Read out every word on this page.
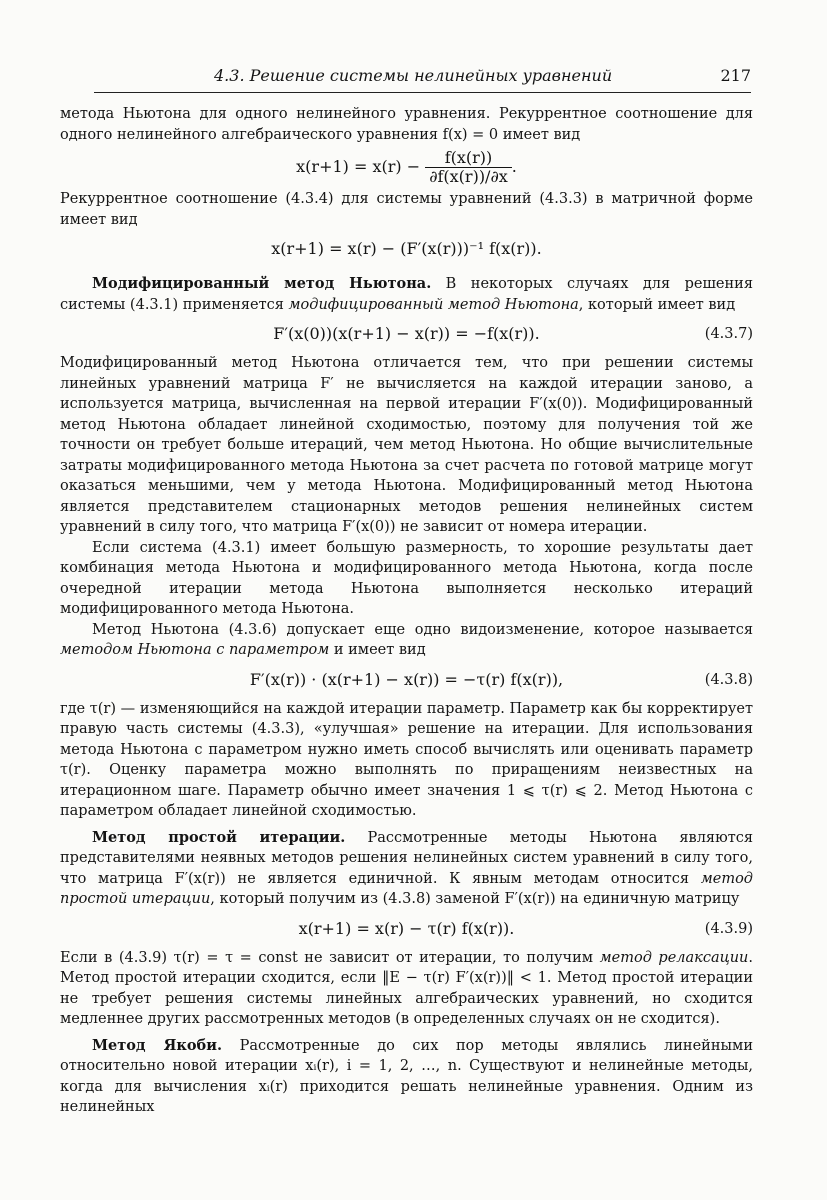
4.3. Решение системы нелинейных уравнений	217

метода Ньютона для одного нелинейного уравнения. Рекуррентное соотношение для одного нелинейного алгебраического уравнения f(x) = 0 имеет вид

$x(r+1) = x(r) - \frac{f(x(r))}{\partial f(x(r))/\partial x}$ .

Рекуррентное соотношение (4.3.4) для системы уравнений (4.3.3) в матричной форме имеет вид

x(r+1) = x(r) − (F′(x(r)))⁻¹ f(x(r)).

Модифицированный метод Ньютона. В некоторых случаях для решения системы (4.3.1) применяется модифицированный метод Ньютона, который имеет вид

F′(x(0))(x(r+1) − x(r)) = −f(x(r)).	(4.3.7)

Модифицированный метод Ньютона отличается тем, что при решении системы линейных уравнений матрица F′ не вычисляется на каждой итерации заново, а используется матрица, вычисленная на первой итерации F′(x(0)). Модифицированный метод Ньютона обладает линейной сходимостью, поэтому для получения той же точности он требует больше итераций, чем метод Ньютона. Но общие вычислительные затраты модифицированного метода Ньютона за счет расчета по готовой матрице могут оказаться меньшими, чем у метода Ньютона. Модифицированный метод Ньютона является представителем стационарных методов решения нелинейных систем уравнений в силу того, что матрица F′(x(0)) не зависит от номера итерации.

Если система (4.3.1) имеет большую размерность, то хорошие результаты дает комбинация метода Ньютона и модифицированного метода Ньютона, когда после очередной итерации метода Ньютона выполняется несколько итераций модифицированного метода Ньютона.

Метод Ньютона (4.3.6) допускает еще одно видоизменение, которое называется методом Ньютона с параметром и имеет вид

F′(x(r)) · (x(r+1) − x(r)) = −τ(r) f(x(r)),	(4.3.8)

где τ(r) — изменяющийся на каждой итерации параметр. Параметр как бы корректирует правую часть системы (4.3.3), «улучшая» решение на итерации. Для использования метода Ньютона с параметром нужно иметь способ вычислять или оценивать параметр τ(r). Оценку параметра можно выполнять по приращениям неизвестных на итерационном шаге. Параметр обычно имеет значения 1 ⩽ τ(r) ⩽ 2. Метод Ньютона с параметром обладает линейной сходимостью.

Метод простой итерации. Рассмотренные методы Ньютона являются представителями неявных методов решения нелинейных систем уравнений в силу того, что матрица F′(x(r)) не является единичной. К явным методам относится метод простой итерации, который получим из (4.3.8) заменой F′(x(r)) на единичную матрицу

x(r+1) = x(r) − τ(r) f(x(r)).	(4.3.9)

Если в (4.3.9) τ(r) = τ = const не зависит от итерации, то получим метод релаксации. Метод простой итерации сходится, если ‖E − τ(r) F′(x(r))‖ < 1. Метод простой итерации не требует решения системы линейных алгебраических уравнений, но сходится медленнее других рассмотренных методов (в определенных случаях он не сходится).

Метод Якоби. Рассмотренные до сих пор методы являлись линейными относительно новой итерации xᵢ(r), i = 1, 2, …, n. Существуют и нелинейные методы, когда для вычисления xᵢ(r) приходится решать нелинейные уравнения. Одним из нелинейных
